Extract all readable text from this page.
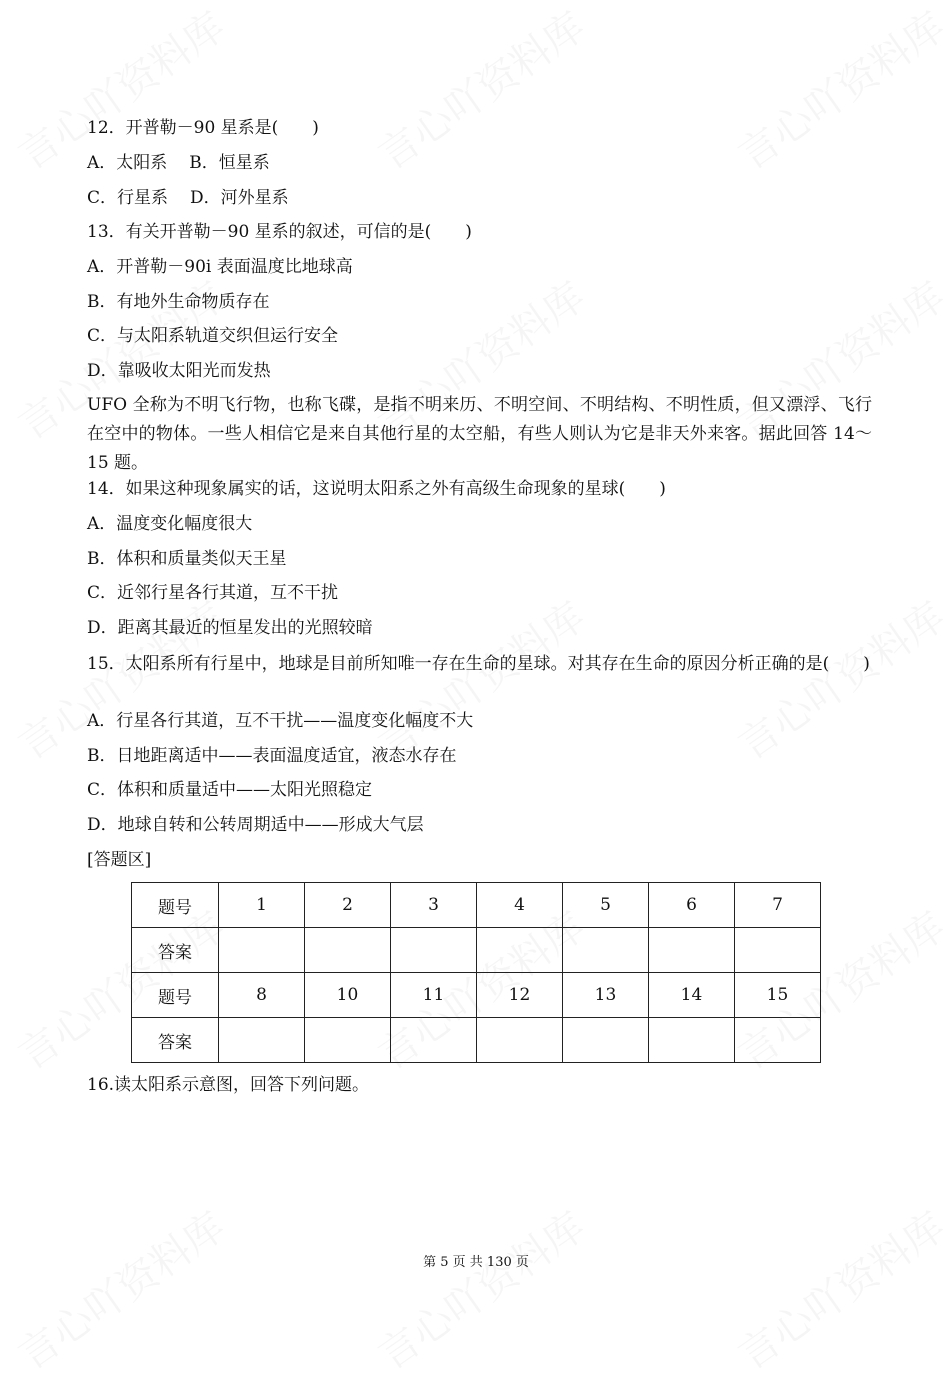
12．开普勒－90 星系是(　　)
A．太阳系 B．恒星系
C．行星系 D．河外星系
13．有关开普勒－90 星系的叙述，可信的是(　　)
A．开普勒－90i 表面温度比地球高
B．有地外生命物质存在
C．与太阳系轨道交织但运行安全
D．靠吸收太阳光而发热
UFO 全称为不明飞行物，也称飞碟，是指不明来历、不明空间、不明结构、不明性质，但又漂浮、飞行在空中的物体。一些人相信它是来自其他行星的太空船，有些人则认为它是非天外来客。据此回答 14～15 题。
14．如果这种现象属实的话，这说明太阳系之外有高级生命现象的星球(　　)
A．温度变化幅度很大
B．体积和质量类似天王星
C．近邻行星各行其道，互不干扰
D．距离其最近的恒星发出的光照较暗
15．太阳系所有行星中，地球是目前所知唯一存在生命的星球。对其存在生命的原因分析正确的是(　　)
A．行星各行其道，互不干扰——温度变化幅度不大
B．日地距离适中——表面温度适宜，液态水存在
C．体积和质量适中——太阳光照稳定
D．地球自转和公转周期适中——形成大气层
[答题区]
题号	1	2	3	4	5	6	7
答案							
题号	8	10	11	12	13	14	15
答案							
16.读太阳系示意图，回答下列问题。
第 5 页 共 130 页
